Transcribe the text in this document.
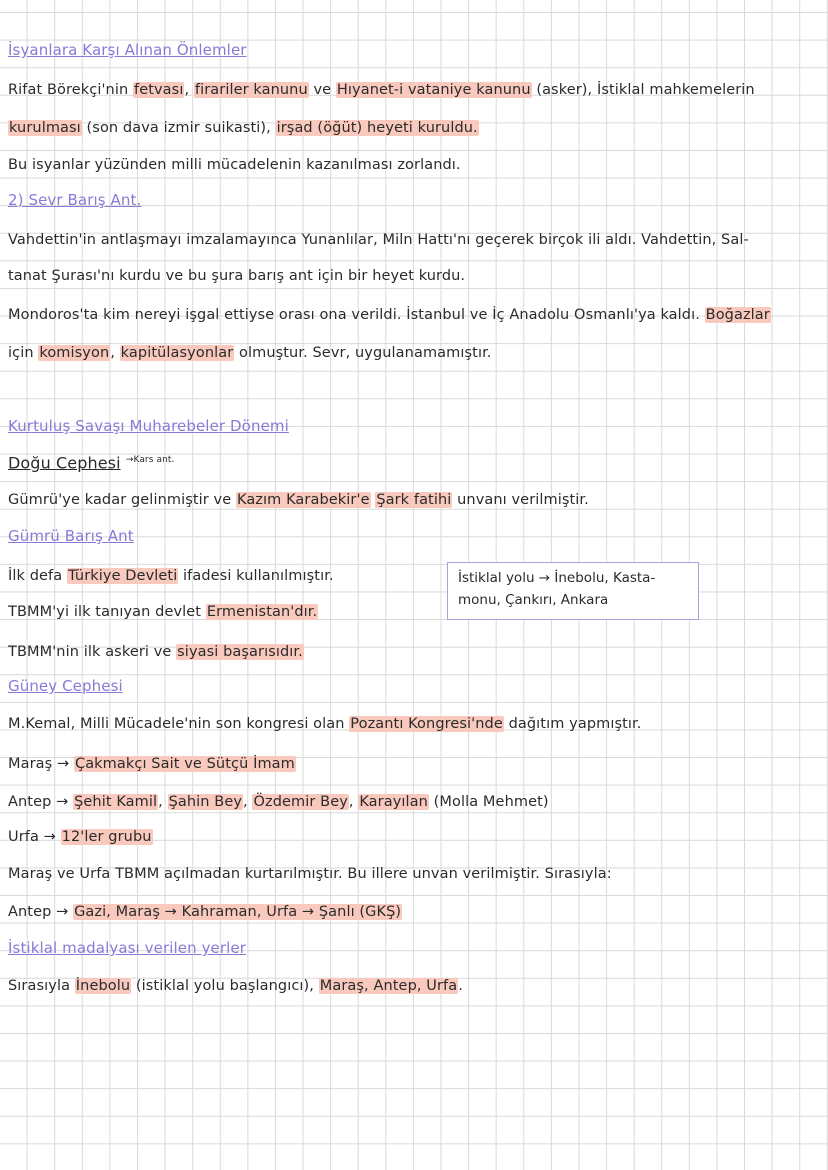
İsyanlara Karşı Alınan Önlemler
Rifat Börekçi'nin fetvası, firariler kanunu ve Hıyanet-i vataniye kanunu (asker), İstiklal mahkemelerin
kurulması (son dava izmir suikasti), irşad (öğüt) heyeti kuruldu.
Bu isyanlar yüzünden milli mücadelenin kazanılması zorlandı.
2) Sevr Barış Ant.
Vahdettin'in antlaşmayı imzalamayınca Yunanlılar, Miln Hattı'nı geçerek birçok ili aldı. Vahdettin, Sal-
tanat Şurası'nı kurdu ve bu şura barış ant için bir heyet kurdu.
Mondoros'ta kim nereyi işgal ettiyse orası ona verildi. İstanbul ve İç Anadolu Osmanlı'ya kaldı. Boğazlar
için komisyon, kapitülasyonlar olmuştur. Sevr, uygulanamamıştır.
Kurtuluş Savaşı Muharebeler Dönemi
Doğu Cephesi $^{\to Kars ant.}$
Gümrü'ye kadar gelinmiştir ve Kazım Karabekir'e Şark fatihi unvanı verilmiştir.
Gümrü Barış Ant
İlk defa Türkiye Devleti ifadesi kullanılmıştır.
TBMM'yi ilk tanıyan devlet Ermenistan'dır.
TBMM'nin ilk askeri ve siyasi başarısıdır.
İstiklal yolu → İnebolu, Kasta-
monu, Çankırı, Ankara
Güney Cephesi
M.Kemal, Milli Mücadele'nin son kongresi olan Pozantı Kongresi'nde dağıtım yapmıştır.
Maraş → Çakmakçı Sait ve Sütçü İmam
Antep → Şehit Kamil, Şahin Bey, Özdemir Bey, Karayılan (Molla Mehmet)
Urfa → 12'ler grubu
Maraş ve Urfa TBMM açılmadan kurtarılmıştır. Bu illere unvan verilmiştir. Sırasıyla:
Antep → Gazi, Maraş → Kahraman, Urfa → Şanlı (GKŞ)
İstiklal madalyası verilen yerler
Sırasıyla İnebolu (istiklal yolu başlangıcı), Maraş, Antep, Urfa.
